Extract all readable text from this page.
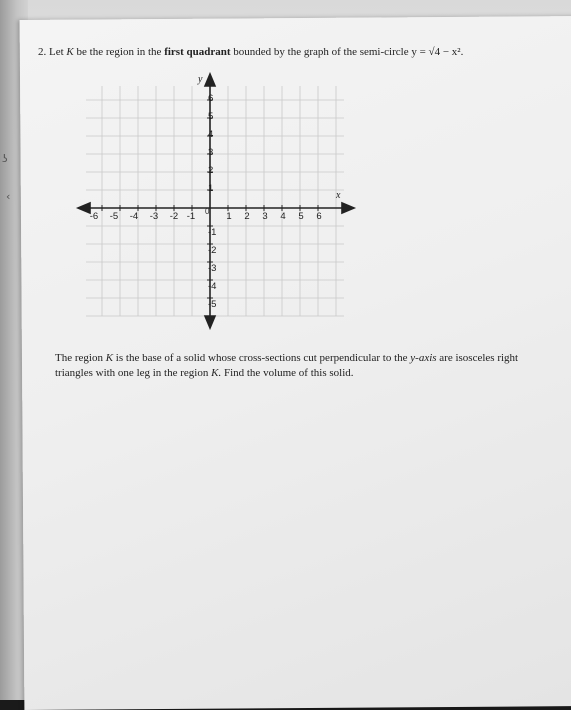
ʖ
‹

2. Let K be the region in the first quadrant bounded by the graph of the semi-circle y = √4 − x².

x
y
0
-6 -5 -4 -3 -2 -1	1 2 3 4 5 6
6
5
4
3
2
1
-1
-2
-3
-4
-5

The region K is the base of a solid whose cross-sections cut perpendicular to the y-axis are isosceles right triangles with one leg in the region K. Find the volume of this solid.
